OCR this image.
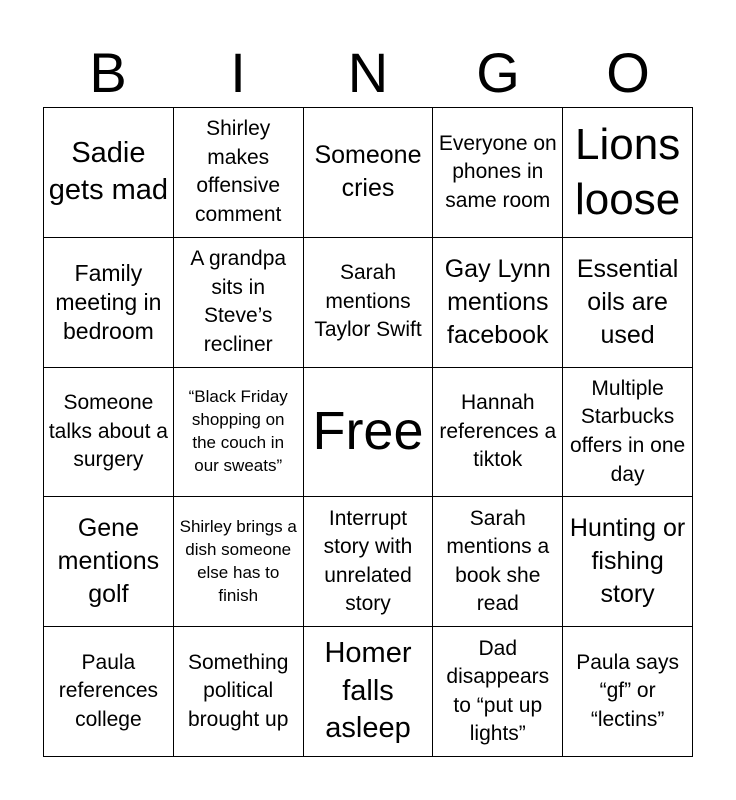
B	I	N	G	O
Sadie gets mad
Shirley makes offensive comment
Someone cries
Everyone on phones in same room
Lions loose
Family meeting in bedroom
A grandpa sits in Steve’s recliner
Sarah mentions Taylor Swift
Gay Lynn mentions facebook
Essential oils are used
Someone talks about a surgery
“Black Friday shopping on the couch in our sweats”
Free	Hannah references a tiktok
Multiple Starbucks offers in one day
Gene mentions golf
Shirley brings a dish someone else has to finish
Interrupt story with unrelated story
Sarah mentions a book she read
Hunting or fishing story
Paula references college
Something political brought up
Homer falls asleep
Dad disappears to “put up lights”
Paula says “gf” or “lectins”
